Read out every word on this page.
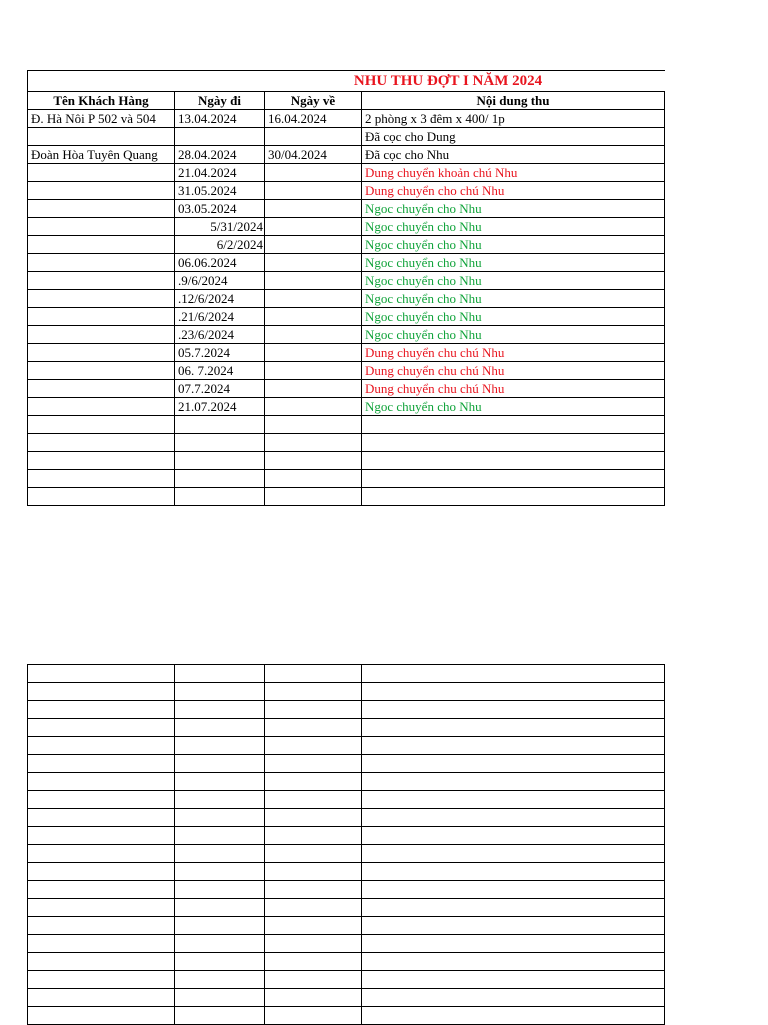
	NHU THU ĐỢT I NĂM 2024		
Tên Khách Hàng	Ngày đi	Ngày về	Nội dung thu
Đ. Hà Nôi P 502 và 504	13.04.2024	16.04.2024	2 phòng x 3 đêm x 400/ 1p
			Đã cọc cho Dung
Đoàn Hòa Tuyên Quang	28.04.2024	30/04.2024	Đã cọc cho Nhu
	21.04.2024		Dung chuyển khoản chú Nhu
	31.05.2024		Dung chuyển cho chú Nhu
	03.05.2024		Ngoc chuyển cho Nhu
	5/31/2024		Ngoc chuyển cho Nhu
	6/2/2024		Ngoc chuyển cho Nhu
	06.06.2024		Ngoc chuyển cho Nhu
	.9/6/2024		Ngoc chuyển cho Nhu
	.12/6/2024		Ngoc chuyển cho Nhu
	.21/6/2024		Ngoc chuyển cho Nhu
	.23/6/2024		Ngoc chuyển cho Nhu
	05.7.2024		Dung chuyển chu chú Nhu
	06. 7.2024		Dung chuyển chu chú Nhu
	07.7.2024		Dung chuyển chu chú Nhu
	21.07.2024		Ngoc chuyển cho Nhu
